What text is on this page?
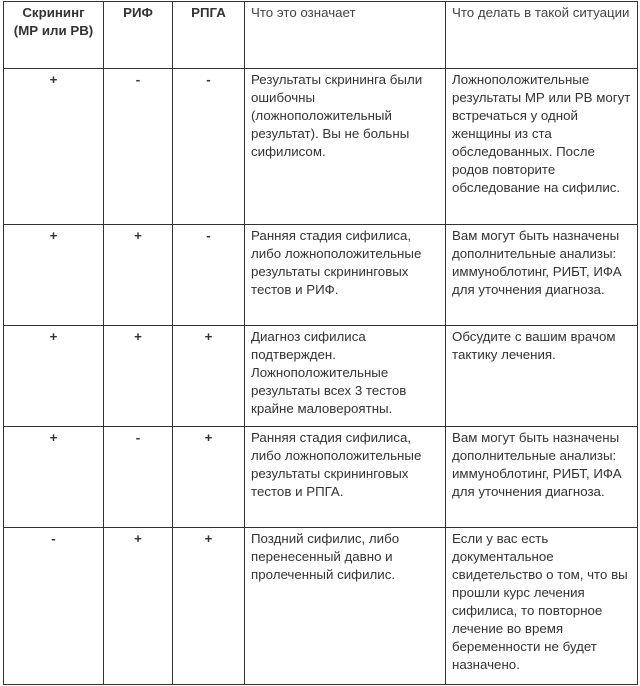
Скрининг (МР или РВ)	РИФ	РПГА	Что это означает	Что делать в такой ситуации
+	-	-	Результаты скрининга были ошибочны (ложноположительный результат). Вы не больны сифилисом.	Ложноположительные результаты МР или РВ могут встречаться у одной женщины из ста обследованных. После родов повторите обследование на сифилис.
+	+	-	Ранняя стадия сифилиса, либо ложноположительные результаты скрининговых тестов и РИФ.	Вам могут быть назначены дополнительные анализы: иммуноблотинг, РИБТ, ИФА для уточнения диагноза.
+	+	+	Диагноз сифилиса подтвержден. Ложноположительные результаты всех 3 тестов крайне маловероятны.	Обсудите с вашим врачом тактику лечения.
+	-	+	Ранняя стадия сифилиса, либо ложноположительные результаты скрининговых тестов и РПГА.	Вам могут быть назначены дополнительные анализы: иммуноблотинг, РИБТ, ИФА для уточнения диагноза.
-	+	+	Поздний сифилис, либо перенесенный давно и пролеченный сифилис.	Если у вас есть документальное свидетельство о том, что вы прошли курс лечения сифилиса, то повторное лечение во время беременности не будет назначено.
